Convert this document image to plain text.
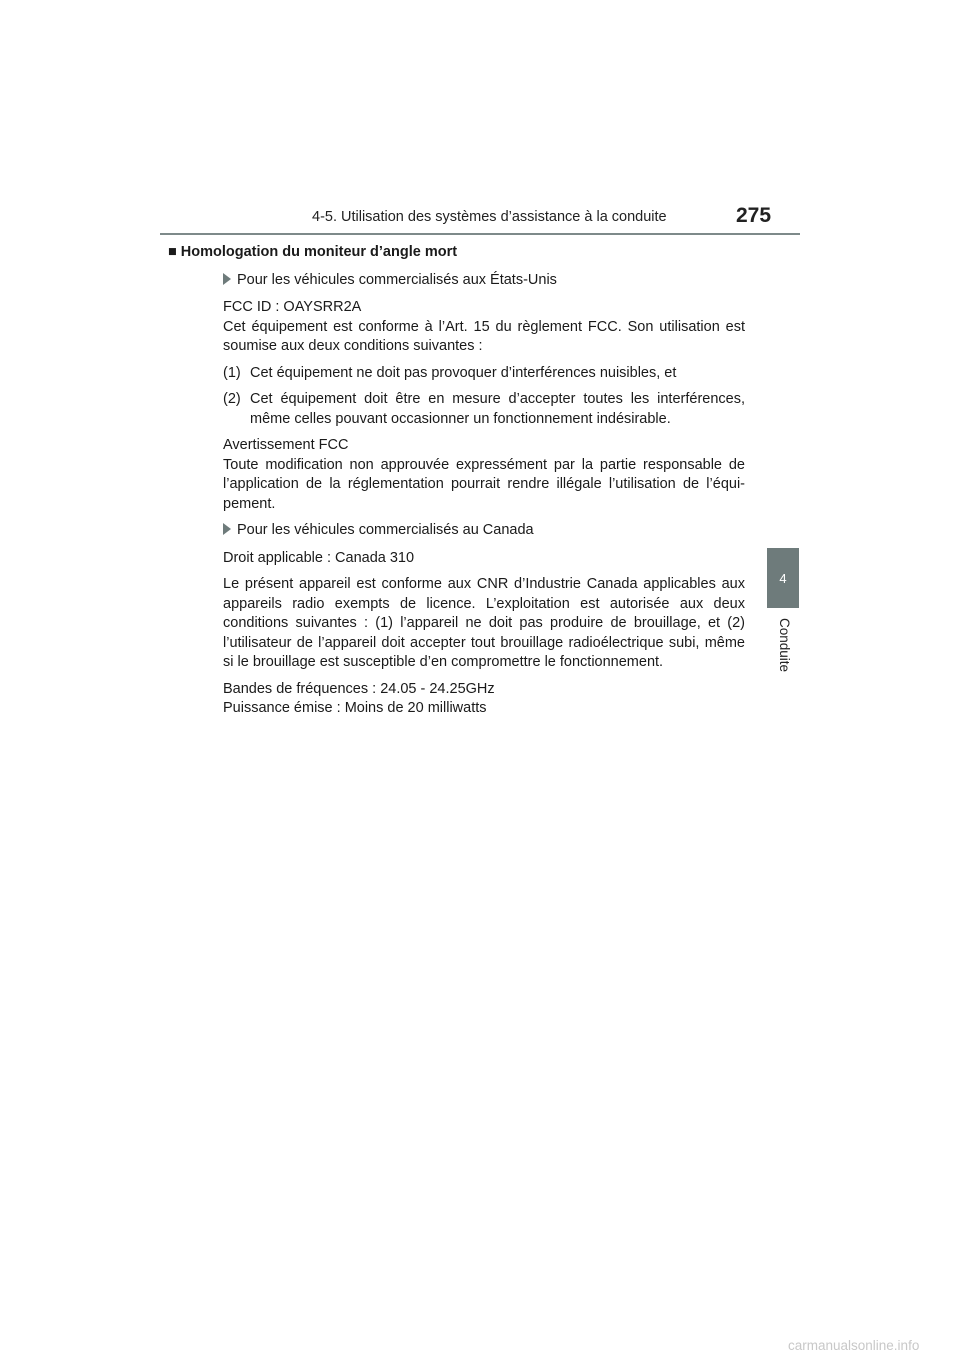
4-5. Utilisation des systèmes d’assistance à la conduite	275
4
Conduite
■ Homologation du moniteur d’angle mort
Pour les véhicules commercialisés aux États-Unis

FCC ID : OAYSRR2A
Cet équipement est conforme à l’Art. 15 du règlement FCC. Son utilisation est soumise aux deux conditions suivantes :

(1) Cet équipement ne doit pas provoquer d’interférences nuisibles, et
(2) Cet équipement doit être en mesure d’accepter toutes les interférences, même celles pouvant occasionner un fonctionnement indésirable.

Avertissement FCC
Toute modification non approuvée expressément par la partie responsable de l’application de la réglementation pourrait rendre illégale l’utilisation de l’équi-pement.

Pour les véhicules commercialisés au Canada

Droit applicable : Canada 310

Le présent appareil est conforme aux CNR d’Industrie Canada applicables aux appareils radio exempts de licence. L’exploitation est autorisée aux deux conditions suivantes : (1) l’appareil ne doit pas produire de brouillage, et (2) l’utilisateur de l’appareil doit accepter tout brouillage radioélectrique subi, même si le brouillage est susceptible d’en compromettre le fonctionnement.

Bandes de fréquences : 24.05 - 24.25GHz
Puissance émise : Moins de 20 milliwatts

carmanualsonline.info
